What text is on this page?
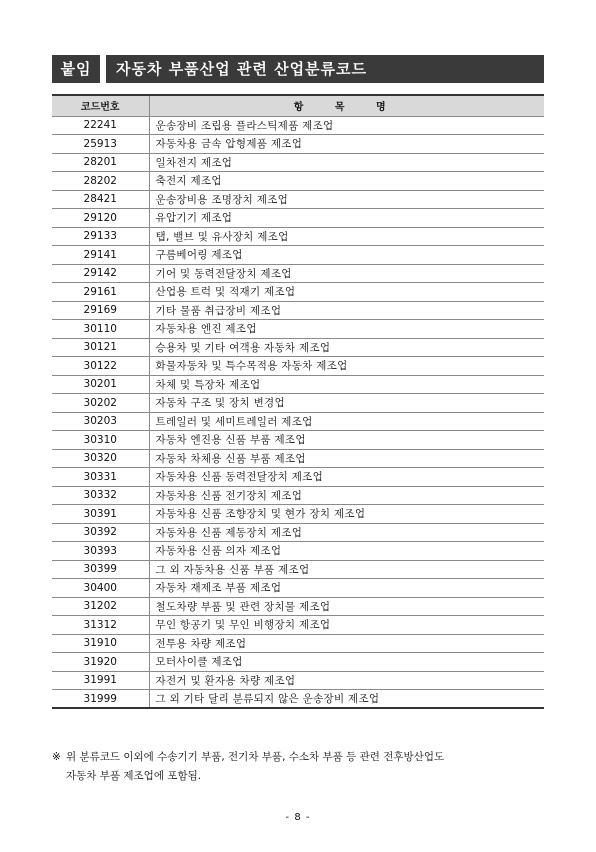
붙임	자동차 부품산업 관련 산업분류코드
코드번호	항 목 명
22241	운송장비 조립용 플라스틱제품 제조업
25913	자동차용 금속 압형제품 제조업
28201	일차전지 제조업
28202	축전지 제조업
28421	운송장비용 조명장치 제조업
29120	유압기기 제조업
29133	탭, 밸브 및 유사장치 제조업
29141	구름베어링 제조업
29142	기어 및 동력전달장치 제조업
29161	산업용 트럭 및 적재기 제조업
29169	기타 물품 취급장비 제조업
30110	자동차용 엔진 제조업
30121	승용차 및 기타 여객용 자동차 제조업
30122	화물자동차 및 특수목적용 자동차 제조업
30201	차체 및 특장차 제조업
30202	자동차 구조 및 장치 변경업
30203	트레일러 및 세미트레일러 제조업
30310	자동차 엔진용 신품 부품 제조업
30320	자동차 차체용 신품 부품 제조업
30331	자동차용 신품 동력전달장치 제조업
30332	자동차용 신품 전기장치 제조업
30391	자동차용 신품 조향장치 및 현가 장치 제조업
30392	자동차용 신품 제동장치 제조업
30393	자동차용 신품 의자 제조업
30399	그 외 자동차용 신품 부품 제조업
30400	자동차 재제조 부품 제조업
31202	철도차량 부품 및 관련 장치물 제조업
31312	무인 항공기 및 무인 비행장치 제조업
31910	전투용 차량 제조업
31920	모터사이클 제조업
31991	자전거 및 환자용 차량 제조업
31999	그 외 기타 달리 분류되지 않은 운송장비 제조업
※ 위 분류코드 이외에 수송기기 부품, 전기차 부품, 수소차 부품 등 관련 전후방산업도
자동차 부품 제조업에 포함됨.
- 8 -
